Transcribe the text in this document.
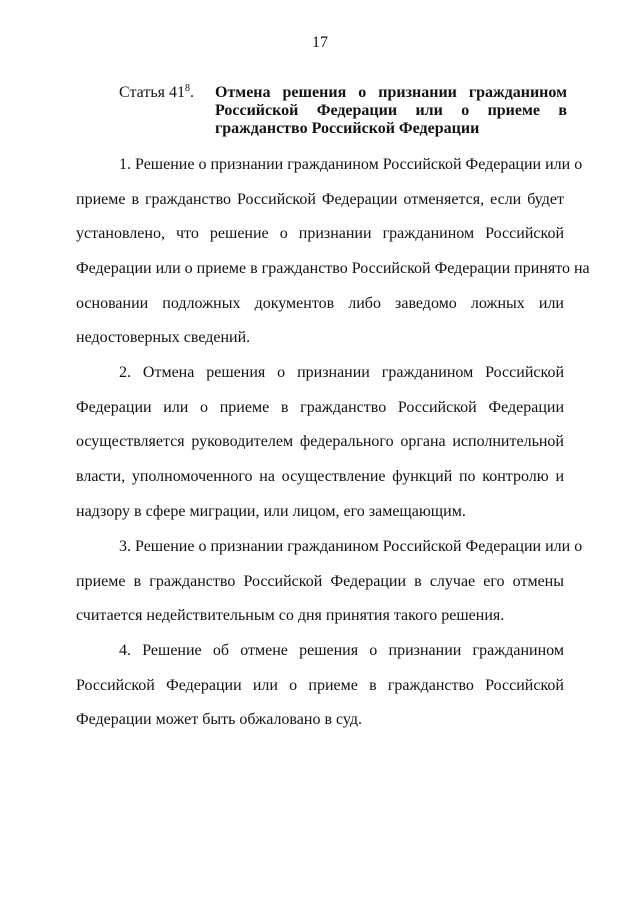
17
Статья $41^8$.	Отмена решения о признании гражданином
Российской Федерации или о приеме в
гражданство Российской Федерации
1. Решение о признании гражданином Российской Федерации или о
приеме в гражданство Российской Федерации отменяется, если будет
установлено, что решение о признании гражданином Российской
Федерации или о приеме в гражданство Российской Федерации принято на
основании подложных документов либо заведомо ложных или
недостоверных сведений.
2. Отмена решения о признании гражданином Российской
Федерации или о приеме в гражданство Российской Федерации
осуществляется руководителем федерального органа исполнительной
власти, уполномоченного на осуществление функций по контролю и
надзору в сфере миграции, или лицом, его замещающим.
3. Решение о признании гражданином Российской Федерации или о
приеме в гражданство Российской Федерации в случае его отмены
считается недействительным со дня принятия такого решения.
4. Решение об отмене решения о признании гражданином
Российской Федерации или о приеме в гражданство Российской
Федерации может быть обжаловано в суд.
